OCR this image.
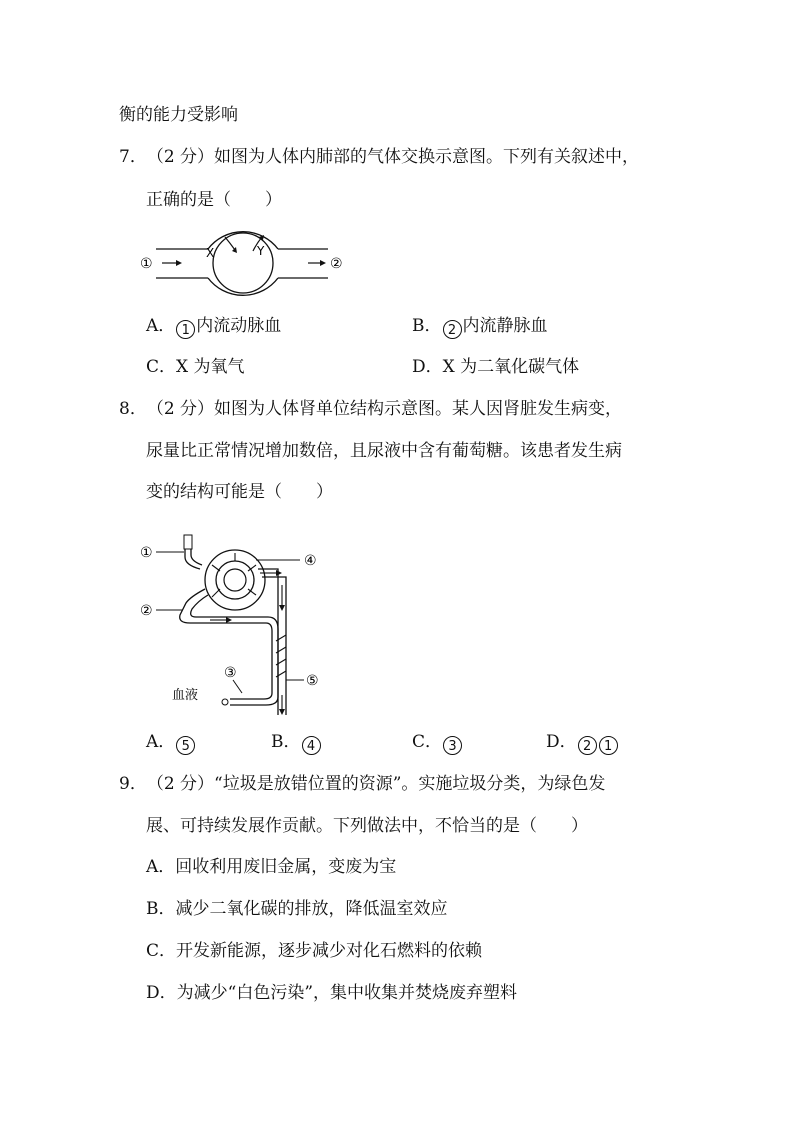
衡的能力受影响
7．（2 分）如图为人体内肺部的气体交换示意图。下列有关叙述中，
正确的是（　　）
①	②
X	Y
A． 1 内流动脉血	B． 2 内流静脉血
C．X 为氧气	D．X 为二氧化碳气体
8．（2 分）如图为人体肾单位结构示意图。某人因肾脏发生病变，
尿量比正常情况增加数倍，且尿液中含有葡萄糖。该患者发生病
变的结构可能是（　　）
①
②
③
④
⑤
血液
A． 5	B． 4	C． 3	D． 2 1
9．（2 分）“垃圾是放错位置的资源”。实施垃圾分类，为绿色发
展、可持续发展作贡献。下列做法中，不恰当的是（　　）
A．回收利用废旧金属，变废为宝
B．减少二氧化碳的排放，降低温室效应
C．开发新能源，逐步减少对化石燃料的依赖
D．为减少“白色污染”，集中收集并焚烧废弃塑料
